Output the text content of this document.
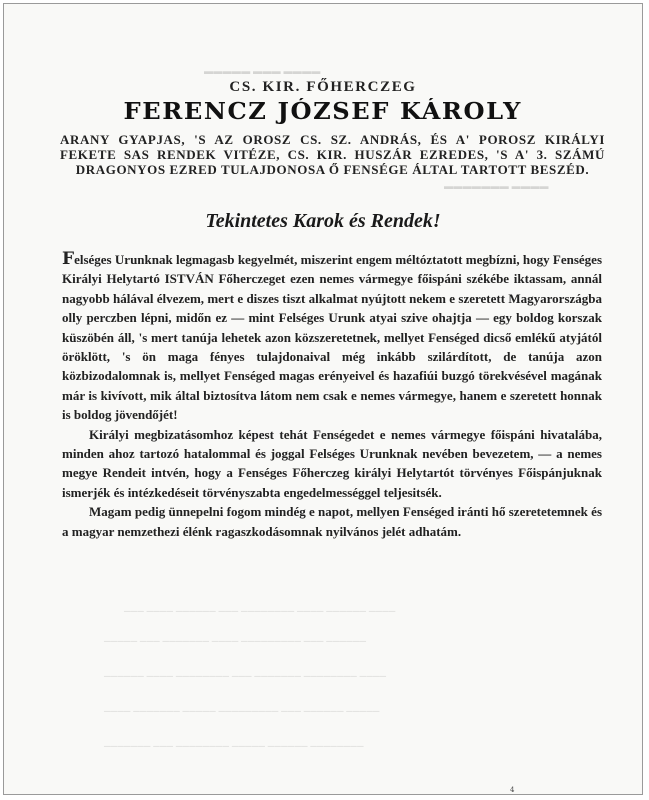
▬▬▬▬▬ ▬▬▬ ▬▬▬▬
▬▬▬▬▬▬▬ ▬▬▬▬
─── ──── ────── ─── ──────── ──── ────── ────
───── ─── ─────── ──── ───────── ─── ──────
────── ──── ──────── ─── ─────── ──────── ────
──── ─────── ───── ───────── ─── ────── ─────
─────── ─── ──────── ───── ────── ────────
CS. KIR. FŐHERCZEG
FERENCZ JÓZSEF KÁROLY
ARANY GYAPJAS, 'S AZ OROSZ CS. SZ. ANDRÁS, ÉS A' POROSZ KIRÁLYI FEKETE SAS RENDEK VITÉZE, CS. KIR. HUSZÁR EZREDES, 'S A' 3. SZÁMÚ DRAGONYOS EZRED TULAJDONOSA Ő FENSÉGE ÁLTAL TARTOTT BESZÉD.
Tekintetes Karok és Rendek!

Felséges Urunknak legmagasb kegyelmét, miszerint engem méltóztatott megbízni, hogy Fenséges Királyi Helytartó ISTVÁN Főherczeget ezen nemes vármegye főispáni székébe iktassam, annál nagyobb hálával élvezem, mert e diszes tiszt alkalmat nyújtott nekem e szeretett Magyarországba olly perczben lépni, midőn ez — mint Felséges Urunk atyai szive ohajtja — egy boldog korszak küszöbén áll, 's mert tanúja lehetek azon közszeretetnek, mellyet Fenséged dicső emlékű atyjától öröklött, 's ön maga fényes tulajdonaival még inkább szilárdított, de tanúja azon közbizodalomnak is, mellyet Fenséged magas erényeivel és hazafiúi buzgó törekvésével magának már is kivívott, mik által biztosítva látom nem csak e nemes vármegye, hanem e szeretett honnak is boldog jövendőjét!

Királyi megbizatásomhoz képest tehát Fenségedet e nemes vármegye főispáni hivatalába, minden ahoz tartozó hatalommal és joggal Felséges Urunknak nevében bevezetem, — a nemes megye Rendeit intvén, hogy a Fenséges Főherczeg királyi Helytartót törvényes Főispánjuknak ismerjék és intézkedéseit törvényszabta engedelmességgel teljesitsék.

Magam pedig ünnepelni fogom mindég e napot, mellyen Fenséged iránti hő szeretetemnek és a magyar nemzethezi élénk ragaszkodásomnak nyilvános jelét adhatám.

4
